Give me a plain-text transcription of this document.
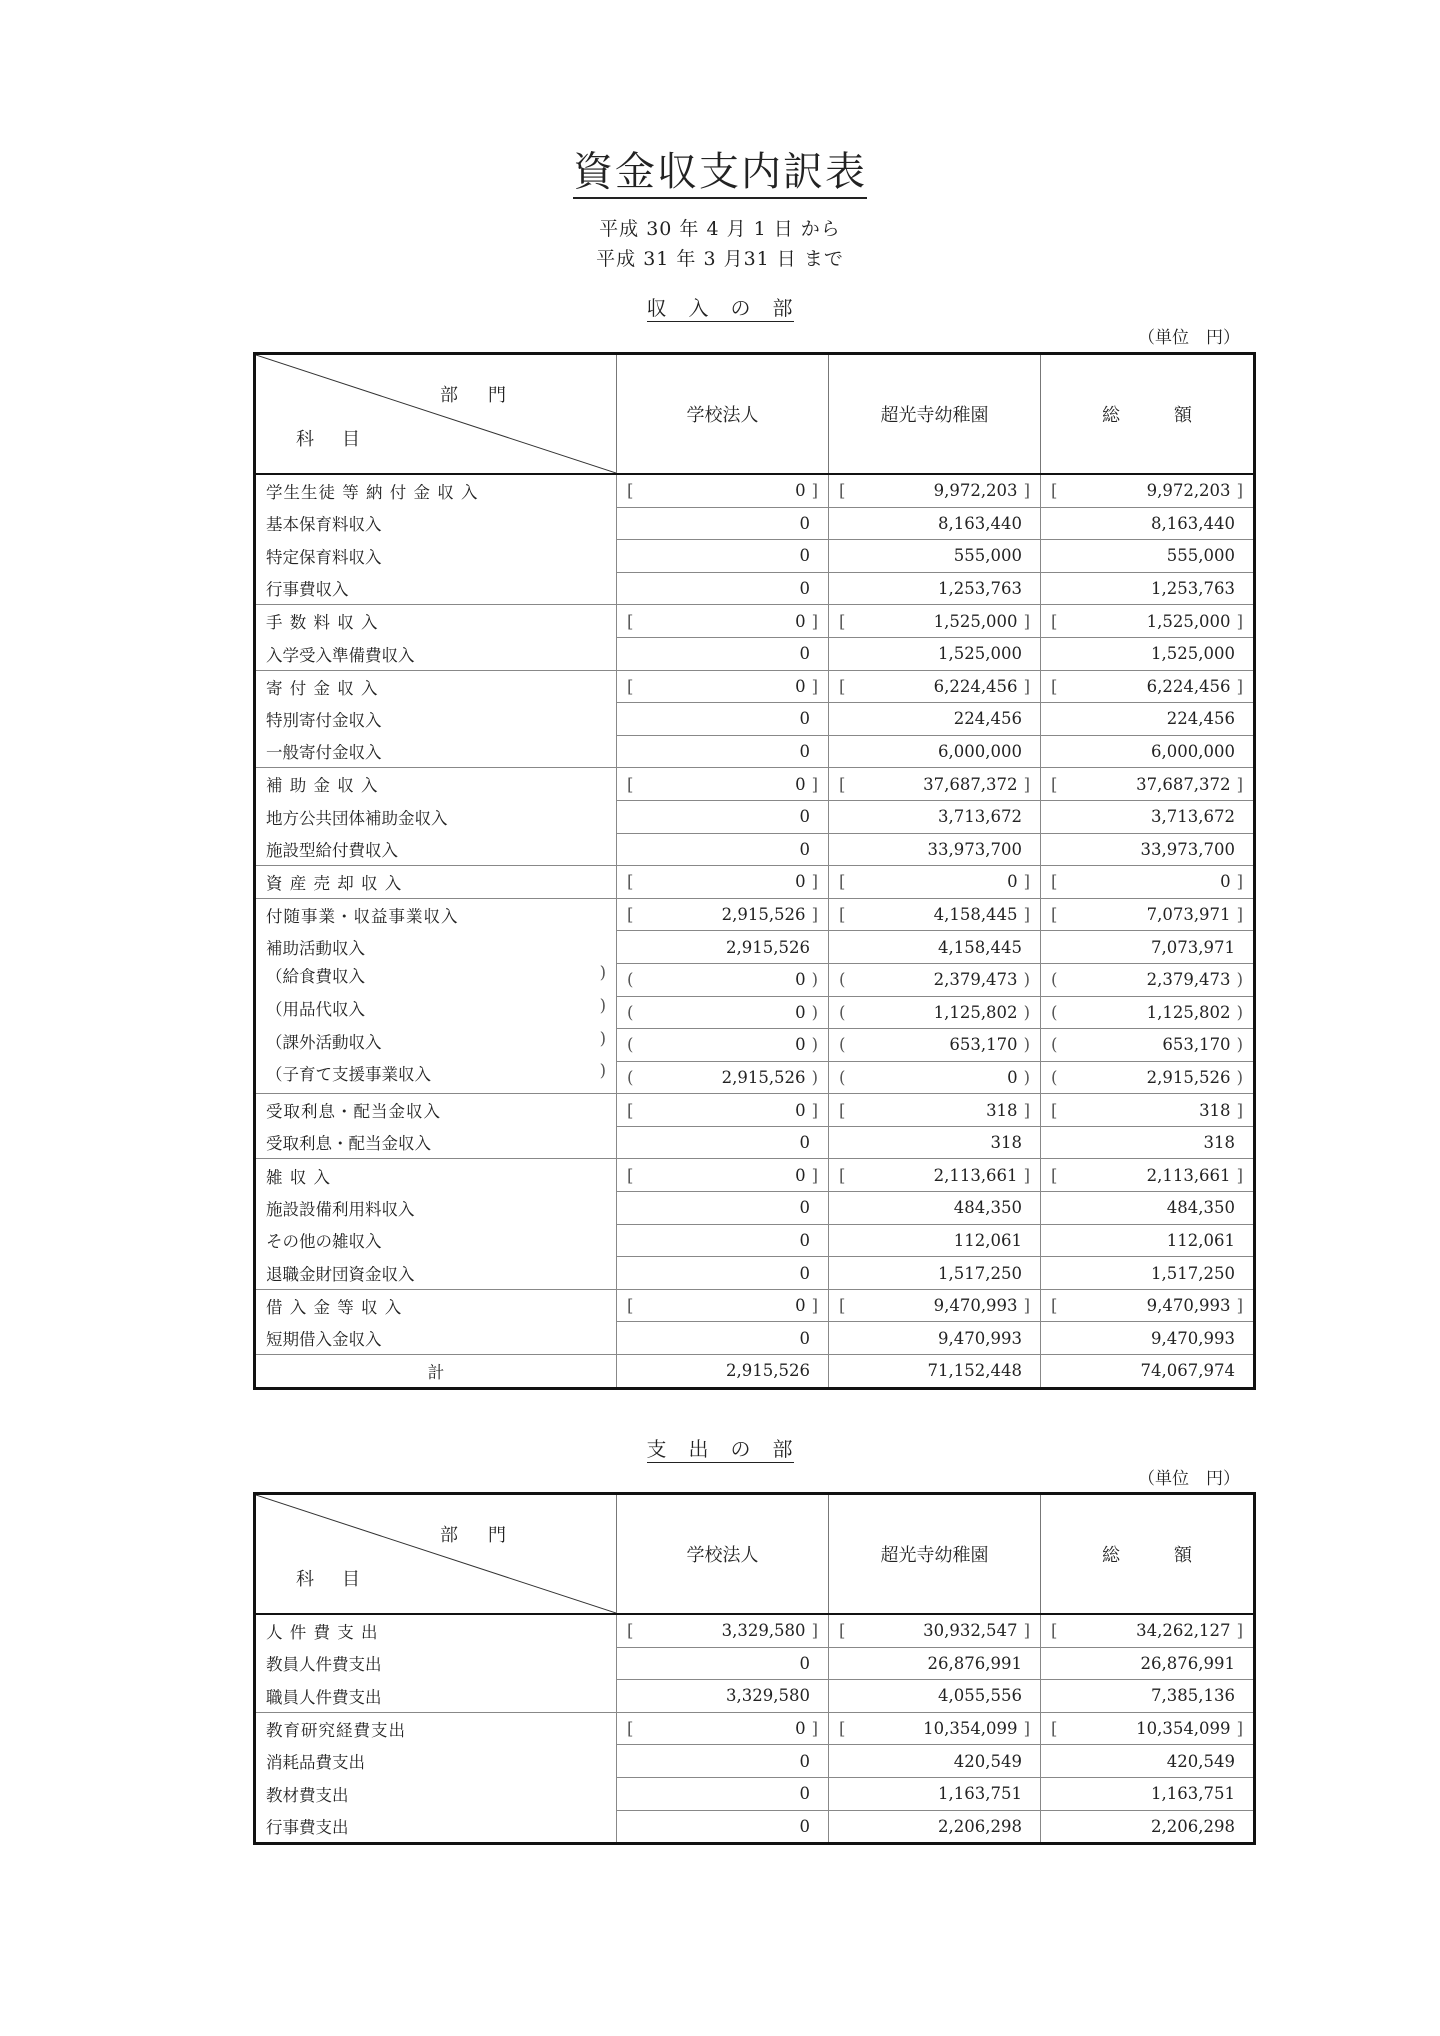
資金収支内訳表
平成 30 年 4 月 1 日 から
平成 31 年 3 月31 日 まで
収　入　の　部
（単位　円）
部門
科目	学校法人	超光寺幼稚園	総　　　額
学生生徒 等 納 付 金 収 入	[ 0 ]	[ 9,972,203 ]	[ 9,972,203 ]

基本保育料収入	0	8,163,440	8,163,440

特定保育料収入	0	555,000	555,000

行事費収入	0	1,253,763	1,253,763

手 数 料 収 入	[ 0 ]	[ 1,525,000 ]	[ 1,525,000 ]

入学受入準備費収入	0	1,525,000	1,525,000

寄 付 金 収 入	[ 0 ]	[ 6,224,456 ]	[ 6,224,456 ]

特別寄付金収入	0	224,456	224,456

一般寄付金収入	0	6,000,000	6,000,000

補 助 金 収 入	[ 0 ]	[ 37,687,372 ]	[ 37,687,372 ]

地方公共団体補助金収入	0	3,713,672	3,713,672

施設型給付費収入	0	33,973,700	33,973,700

資 産 売 却 収 入	[ 0 ]	[ 0 ]	[ 0 ]

付随事業・収益事業収入	[ 2,915,526 ]	[ 4,158,445 ]	[ 7,073,971 ]

補助活動収入	2,915,526	4,158,445	7,073,971

（給食費収入	) ( 0 )	( 2,379,473 )	( 2,379,473 )

（用品代収入	) ( 0 )	( 1,125,802 )	( 1,125,802 )

（課外活動収入	) ( 0 )	( 653,170 )	( 653,170 )

（子育て支援事業収入	) ( 2,915,526 )	( 0 )	( 2,915,526 )

受取利息・配当金収入	[ 0 ]	[ 318 ]	[ 318 ]

受取利息・配当金収入	0	318	318

雑 収 入	[ 0 ]	[ 2,113,661 ]	[ 2,113,661 ]

施設設備利用料収入	0	484,350	484,350

その他の雑収入	0	112,061	112,061

退職金財団資金収入	0	1,517,250	1,517,250

借 入 金 等 収 入	[ 0 ]	[ 9,470,993 ]	[ 9,470,993 ]

短期借入金収入	0	9,470,993	9,470,993

計	2,915,526	71,152,448	74,067,974
支　出　の　部
（単位　円）
部門
科目	学校法人	超光寺幼稚園	総　　　額
人 件 費 支 出	[ 3,329,580 ]	[ 30,932,547 ]	[ 34,262,127 ]

教員人件費支出	0	26,876,991	26,876,991

職員人件費支出	3,329,580	4,055,556	7,385,136

教育研究経費支出	[ 0 ]	[ 10,354,099 ]	[ 10,354,099 ]

消耗品費支出	0	420,549	420,549

教材費支出	0	1,163,751	1,163,751

行事費支出	0	2,206,298	2,206,298
